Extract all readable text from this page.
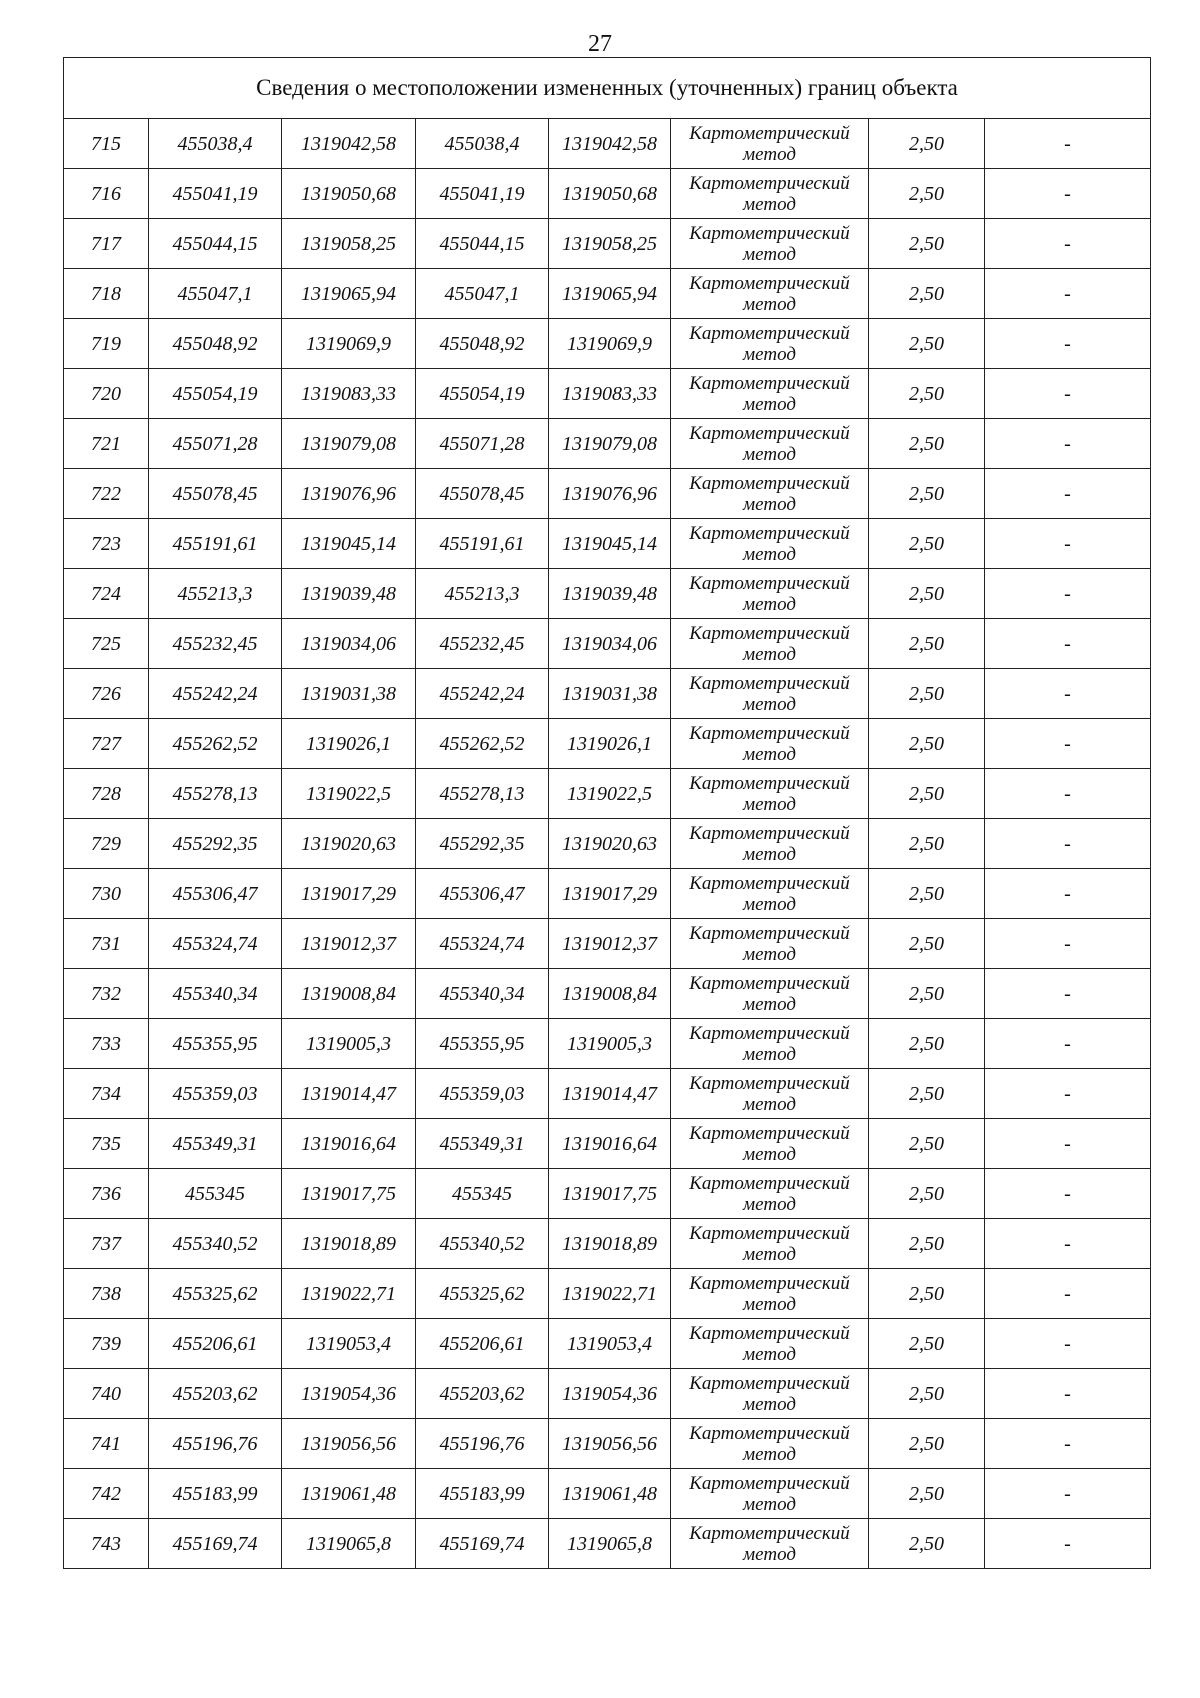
27
Сведения о местоположении измененных (уточненных) границ объекта							
715	455038,4	1319042,58	455038,4	1319042,58	Картометрический метод	2,50	-
716	455041,19	1319050,68	455041,19	1319050,68	Картометрический метод	2,50	-
717	455044,15	1319058,25	455044,15	1319058,25	Картометрический метод	2,50	-
718	455047,1	1319065,94	455047,1	1319065,94	Картометрический метод	2,50	-
719	455048,92	1319069,9	455048,92	1319069,9	Картометрический метод	2,50	-
720	455054,19	1319083,33	455054,19	1319083,33	Картометрический метод	2,50	-
721	455071,28	1319079,08	455071,28	1319079,08	Картометрический метод	2,50	-
722	455078,45	1319076,96	455078,45	1319076,96	Картометрический метод	2,50	-
723	455191,61	1319045,14	455191,61	1319045,14	Картометрический метод	2,50	-
724	455213,3	1319039,48	455213,3	1319039,48	Картометрический метод	2,50	-
725	455232,45	1319034,06	455232,45	1319034,06	Картометрический метод	2,50	-
726	455242,24	1319031,38	455242,24	1319031,38	Картометрический метод	2,50	-
727	455262,52	1319026,1	455262,52	1319026,1	Картометрический метод	2,50	-
728	455278,13	1319022,5	455278,13	1319022,5	Картометрический метод	2,50	-
729	455292,35	1319020,63	455292,35	1319020,63	Картометрический метод	2,50	-
730	455306,47	1319017,29	455306,47	1319017,29	Картометрический метод	2,50	-
731	455324,74	1319012,37	455324,74	1319012,37	Картометрический метод	2,50	-
732	455340,34	1319008,84	455340,34	1319008,84	Картометрический метод	2,50	-
733	455355,95	1319005,3	455355,95	1319005,3	Картометрический метод	2,50	-
734	455359,03	1319014,47	455359,03	1319014,47	Картометрический метод	2,50	-
735	455349,31	1319016,64	455349,31	1319016,64	Картометрический метод	2,50	-
736	455345	1319017,75	455345	1319017,75	Картометрический метод	2,50	-
737	455340,52	1319018,89	455340,52	1319018,89	Картометрический метод	2,50	-
738	455325,62	1319022,71	455325,62	1319022,71	Картометрический метод	2,50	-
739	455206,61	1319053,4	455206,61	1319053,4	Картометрический метод	2,50	-
740	455203,62	1319054,36	455203,62	1319054,36	Картометрический метод	2,50	-
741	455196,76	1319056,56	455196,76	1319056,56	Картометрический метод	2,50	-
742	455183,99	1319061,48	455183,99	1319061,48	Картометрический метод	2,50	-
743	455169,74	1319065,8	455169,74	1319065,8	Картометрический метод	2,50	-
